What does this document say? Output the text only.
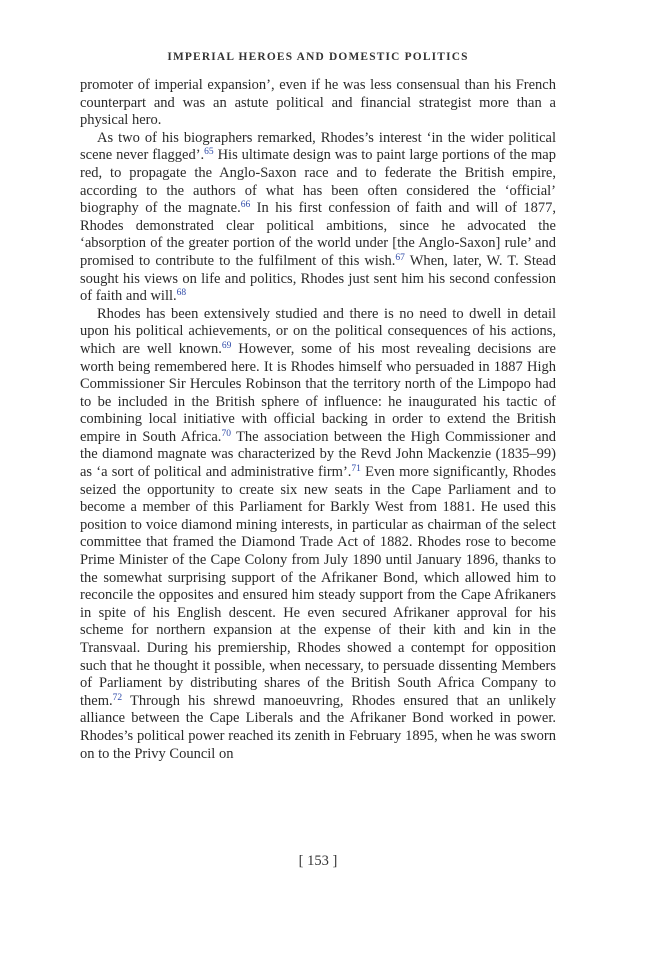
IMPERIAL HEROES AND DOMESTIC POLITICS

promoter of imperial expansion’, even if he was less consensual than his French counterpart and was an astute political and financial strategist more than a physical hero.

As two of his biographers remarked, Rhodes’s interest ‘in the wider political scene never flagged’.$^{65}$ His ultimate design was to paint large portions of the map red, to propagate the Anglo-Saxon race and to federate the British empire, according to the authors of what has been often considered the ‘official’ biography of the magnate.$^{66}$ In his first confession of faith and will of 1877, Rhodes demonstrated clear political ambitions, since he advocated the ‘absorption of the greater portion of the world under [the Anglo-Saxon] rule’ and promised to contribute to the fulfilment of this wish.$^{67}$ When, later, W. T. Stead sought his views on life and politics, Rhodes just sent him his second confession of faith and will.$^{68}$

Rhodes has been extensively studied and there is no need to dwell in detail upon his political achievements, or on the political consequences of his actions, which are well known.$^{69}$ However, some of his most revealing decisions are worth being remembered here. It is Rhodes himself who persuaded in 1887 High Commissioner Sir Hercules Robinson that the territory north of the Limpopo had to be included in the British sphere of influence: he inaugurated his tactic of combining local initiative with official backing in order to extend the British empire in South Africa.$^{70}$ The association between the High Commissioner and the diamond magnate was characterized by the Revd John Mackenzie (1835–99) as ‘a sort of political and administrative firm’.$^{71}$ Even more significantly, Rhodes seized the opportunity to create six new seats in the Cape Parliament and to become a member of this Parliament for Barkly West from 1881. He used this position to voice diamond mining interests, in particular as chairman of the select committee that framed the Diamond Trade Act of 1882. Rhodes rose to become Prime Minister of the Cape Colony from July 1890 until January 1896, thanks to the somewhat surprising support of the Afrikaner Bond, which allowed him to reconcile the opposites and ensured him steady support from the Cape Afrikaners in spite of his English descent. He even secured Afrikaner approval for his scheme for northern expansion at the expense of their kith and kin in the Transvaal. During his premiership, Rhodes showed a contempt for opposition such that he thought it possible, when necessary, to persuade dissenting Members of Parliament by distributing shares of the British South Africa Company to them.$^{72}$ Through his shrewd manoeuvring, Rhodes ensured that an unlikely alliance between the Cape Liberals and the Afrikaner Bond worked in power. Rhodes’s political power reached its zenith in February 1895, when he was sworn on to the Privy Council on

[ 153 ]
